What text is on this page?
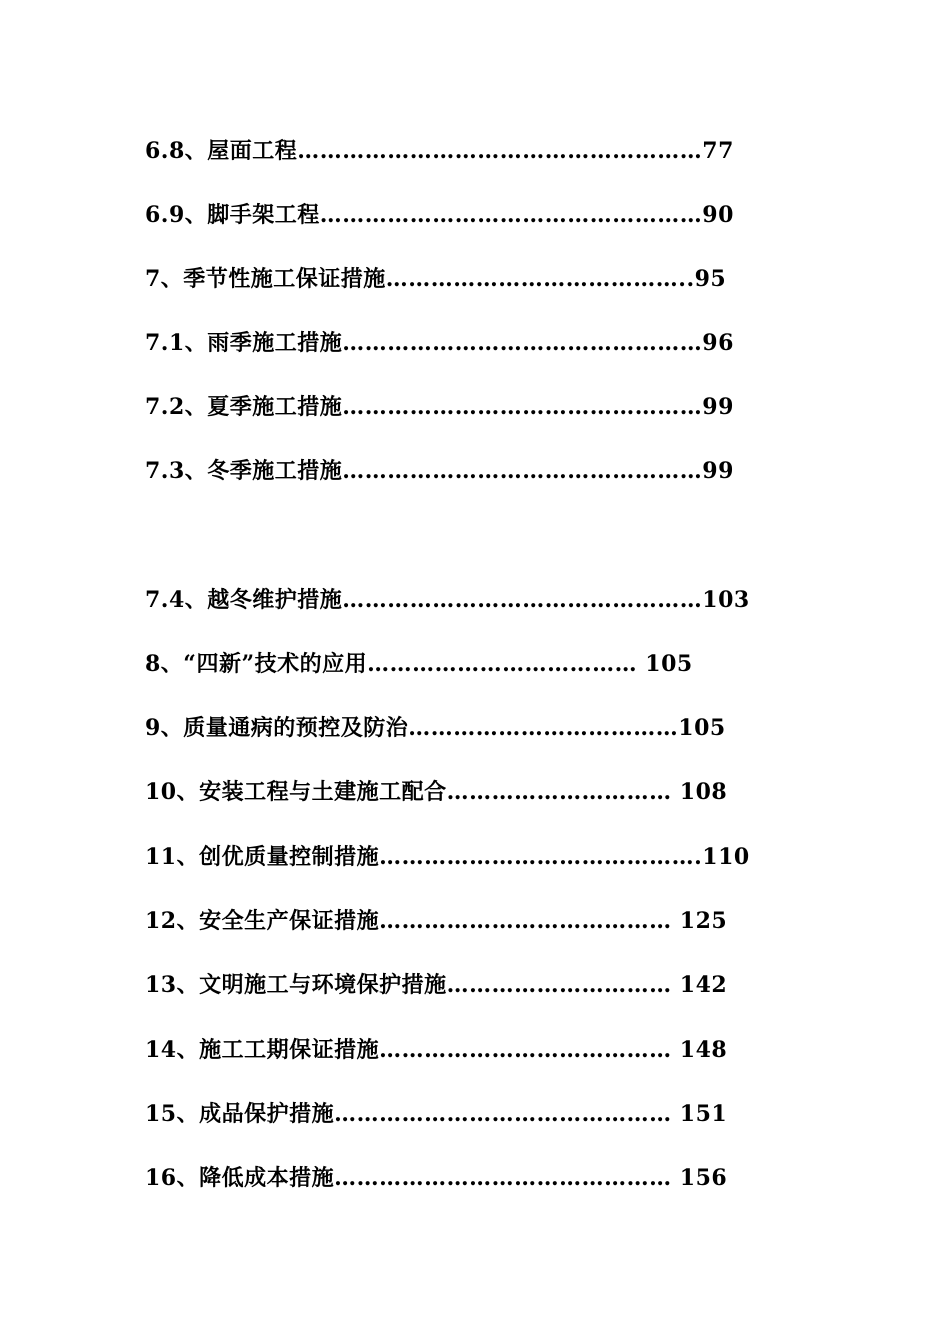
6.8、屋面工程………………………………………………77
6.9、脚手架工程……………………………………………90
7、季节性施工保证措施…………………………………..95
7.1、雨季施工措施…………………………………………96
7.2、夏季施工措施…………………………………………99
7.3、冬季施工措施…………………………………………99
7.4、越冬维护措施…………………………………………103
8、“四新”技术的应用……………………………… 105
9、质量通病的预控及防治………………………………105
10、安装工程与土建施工配合………………………… 108
11、创优质量控制措施…………………………………….110
12、安全生产保证措施………………………………… 125
13、文明施工与环境保护措施………………………… 142
14、施工工期保证措施………………………………… 148
15、成品保护措施……………………………………… 151
16、降低成本措施……………………………………… 156
